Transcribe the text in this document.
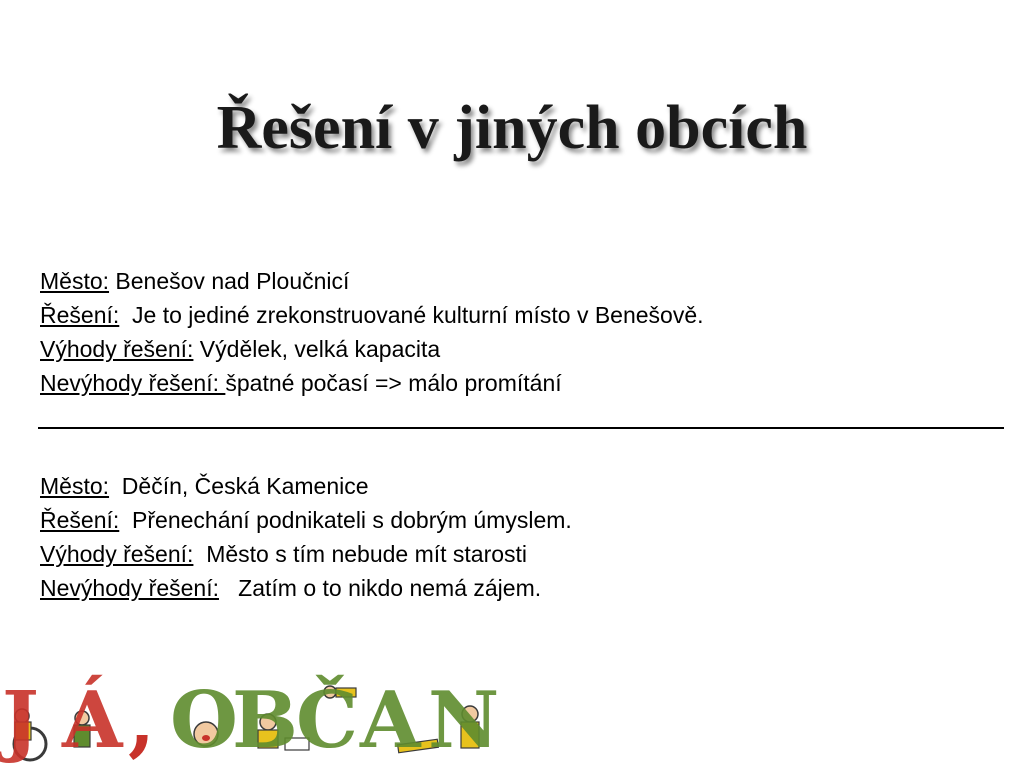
Řešení v jiných obcích
Město: Benešov nad Ploučnicí
Řešení:  Je to jediné zrekonstruované kulturní místo v Benešově.
Výhody řešení: Výdělek, velká kapacita
Nevýhody řešení: špatné počasí => málo promítání
Město:  Děčín, Česká Kamenice
Řešení:  Přenechání podnikateli s dobrým úmyslem.
Výhody řešení:  Město s tím nebude mít starosti
Nevýhody řešení:   Zatím o to nikdo nemá zájem.
J Á , O
B
Č A N
